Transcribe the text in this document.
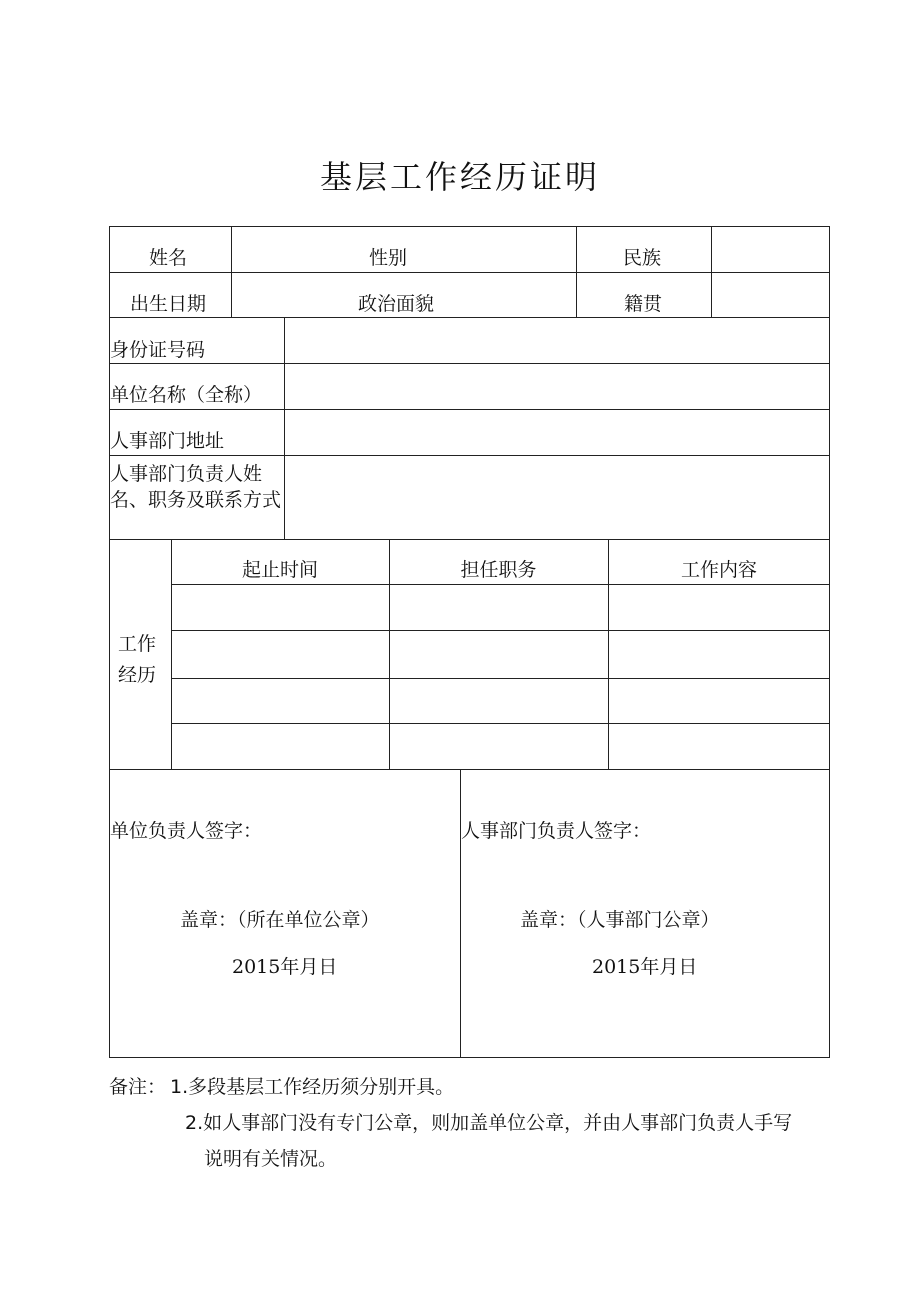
基层工作经历证明
姓名	性别	民族
出生日期	政治面貌	籍贯
身份证号码
单位名称（全称）
人事部门地址
人事部门负责人姓名、职务及联系方式
工作经历
起止时间	担任职务	工作内容
单位负责人签字：
盖章：（所在单位公章）
2015年月日
人事部门负责人签字：
盖章：（人事部门公章）
2015年月日
备注： 1.多段基层工作经历须分别开具。
2.如人事部门没有专门公章，则加盖单位公章，并由人事部门负责人手写
说明有关情况。
